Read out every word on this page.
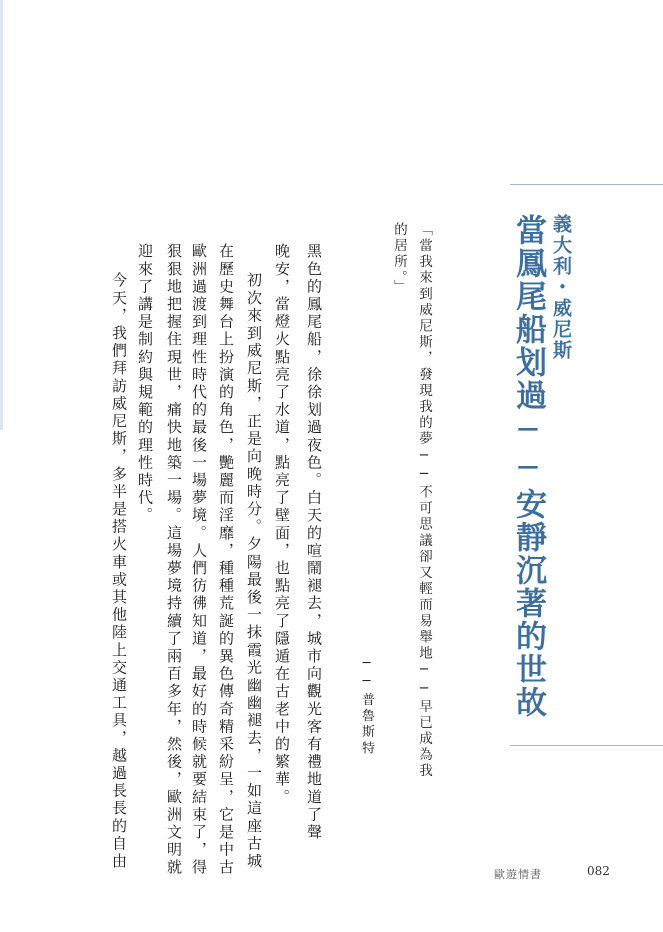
義大利・威尼斯
當鳳尾船划過──安靜沉著的世故
「當我來到威尼斯，發現我的夢──不可思議卻又輕而易舉地──早已成為我
的居所。」
──普魯斯特
黑色的鳳尾船，徐徐划過夜色。白天的喧鬧褪去，城市向觀光客有禮地道了聲
晚安，當燈火點亮了水道，點亮了壁面，也點亮了隱遁在古老中的繁華。
初次來到威尼斯，正是向晚時分。夕陽最後一抹霞光幽幽褪去，一如這座古城
在歷史舞台上扮演的角色，艷麗而淫靡，種種荒誕的異色傳奇精采紛呈，它是中古
歐洲過渡到理性時代的最後一場夢境。人們彷彿知道，最好的時候就要結束了，得
狠狠地把握住現世，痛快地築一場。這場夢境持續了兩百多年，然後，歐洲文明就
迎來了講是制約與規範的理性時代。
今天，我們拜訪威尼斯，多半是搭火車或其他陸上交通工具，越過長長的自由
歐遊情書	082
